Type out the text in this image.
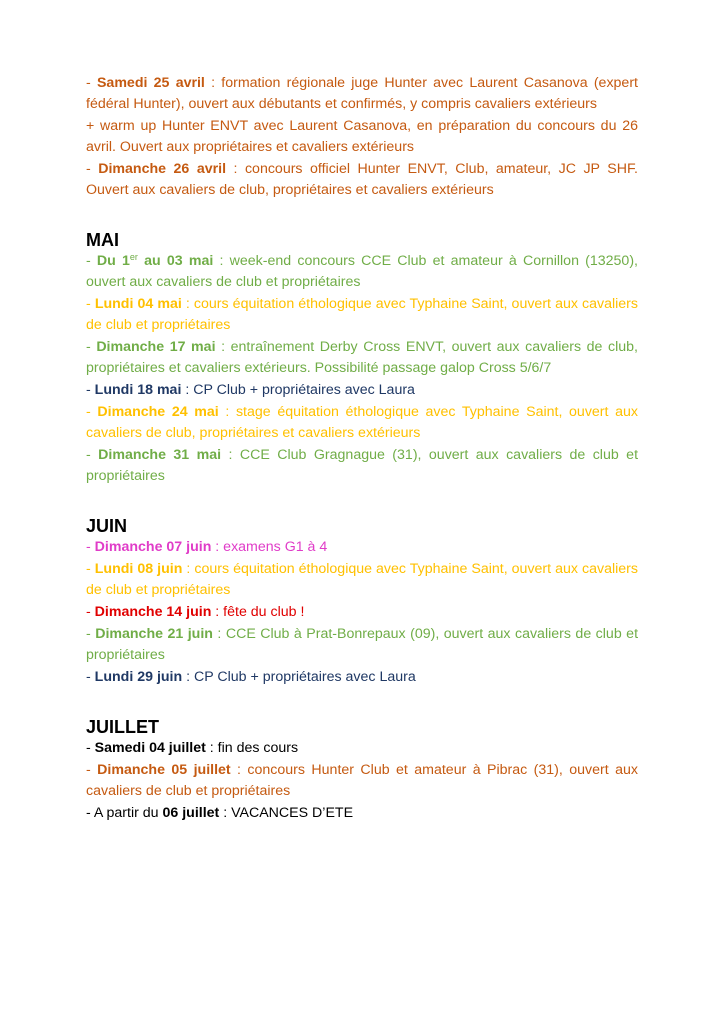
- Samedi 25 avril : formation régionale juge Hunter avec Laurent Casanova (expert fédéral Hunter), ouvert aux débutants et confirmés, y compris cavaliers extérieurs

+ warm up Hunter ENVT avec Laurent Casanova, en préparation du concours du 26 avril. Ouvert aux propriétaires et cavaliers extérieurs

- Dimanche 26 avril : concours officiel Hunter ENVT, Club, amateur, JC JP SHF. Ouvert aux cavaliers de club, propriétaires et cavaliers extérieurs

MAI

- Du 1er au 03 mai : week-end concours CCE Club et amateur à Cornillon (13250), ouvert aux cavaliers de club et propriétaires

- Lundi 04 mai : cours équitation éthologique avec Typhaine Saint, ouvert aux cavaliers de club et propriétaires

- Dimanche 17 mai : entraînement Derby Cross ENVT, ouvert aux cavaliers de club, propriétaires et cavaliers extérieurs. Possibilité passage galop Cross 5/6/7

- Lundi 18 mai : CP Club + propriétaires avec Laura

- Dimanche 24 mai : stage équitation éthologique avec Typhaine Saint, ouvert aux cavaliers de club, propriétaires et cavaliers extérieurs

- Dimanche 31 mai : CCE Club Gragnague (31), ouvert aux cavaliers de club et propriétaires

JUIN

- Dimanche 07 juin : examens G1 à 4

- Lundi 08 juin : cours équitation éthologique avec Typhaine Saint, ouvert aux cavaliers de club et propriétaires

- Dimanche 14 juin : fête du club !

- Dimanche 21 juin : CCE Club à Prat-Bonrepaux (09), ouvert aux cavaliers de club et propriétaires

- Lundi 29 juin : CP Club + propriétaires avec Laura

JUILLET

- Samedi 04 juillet : fin des cours

- Dimanche 05 juillet : concours Hunter Club et amateur à Pibrac (31), ouvert aux cavaliers de club et propriétaires

- A partir du 06 juillet : VACANCES D’ETE
